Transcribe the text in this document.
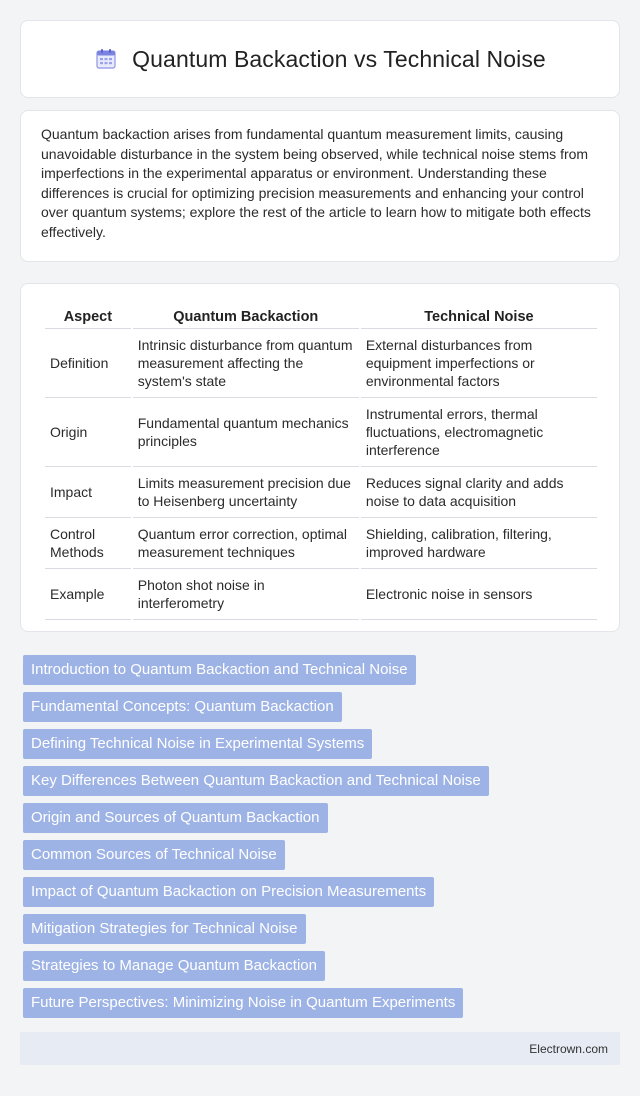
Quantum Backaction vs Technical Noise

Quantum backaction arises from fundamental quantum measurement limits, causing unavoidable disturbance in the system being observed, while technical noise stems from imperfections in the experimental apparatus or environment. Understanding these differences is crucial for optimizing precision measurements and enhancing your control over quantum systems; explore the rest of the article to learn how to mitigate both effects effectively.

Aspect	Quantum Backaction	Technical Noise
Definition	Intrinsic disturbance from quantum measurement affecting the system's state	External disturbances from equipment imperfections or environmental factors
Origin	Fundamental quantum mechanics principles	Instrumental errors, thermal fluctuations, electromagnetic interference
Impact	Limits measurement precision due to Heisenberg uncertainty	Reduces signal clarity and adds noise to data acquisition
Control Methods	Quantum error correction, optimal measurement techniques	Shielding, calibration, filtering, improved hardware
Example	Photon shot noise in interferometry	Electronic noise in sensors
Introduction to Quantum Backaction and Technical Noise
Fundamental Concepts: Quantum Backaction
Defining Technical Noise in Experimental Systems
Key Differences Between Quantum Backaction and Technical Noise
Origin and Sources of Quantum Backaction
Common Sources of Technical Noise
Impact of Quantum Backaction on Precision Measurements
Mitigation Strategies for Technical Noise
Strategies to Manage Quantum Backaction
Future Perspectives: Minimizing Noise in Quantum Experiments
Electrown.com
